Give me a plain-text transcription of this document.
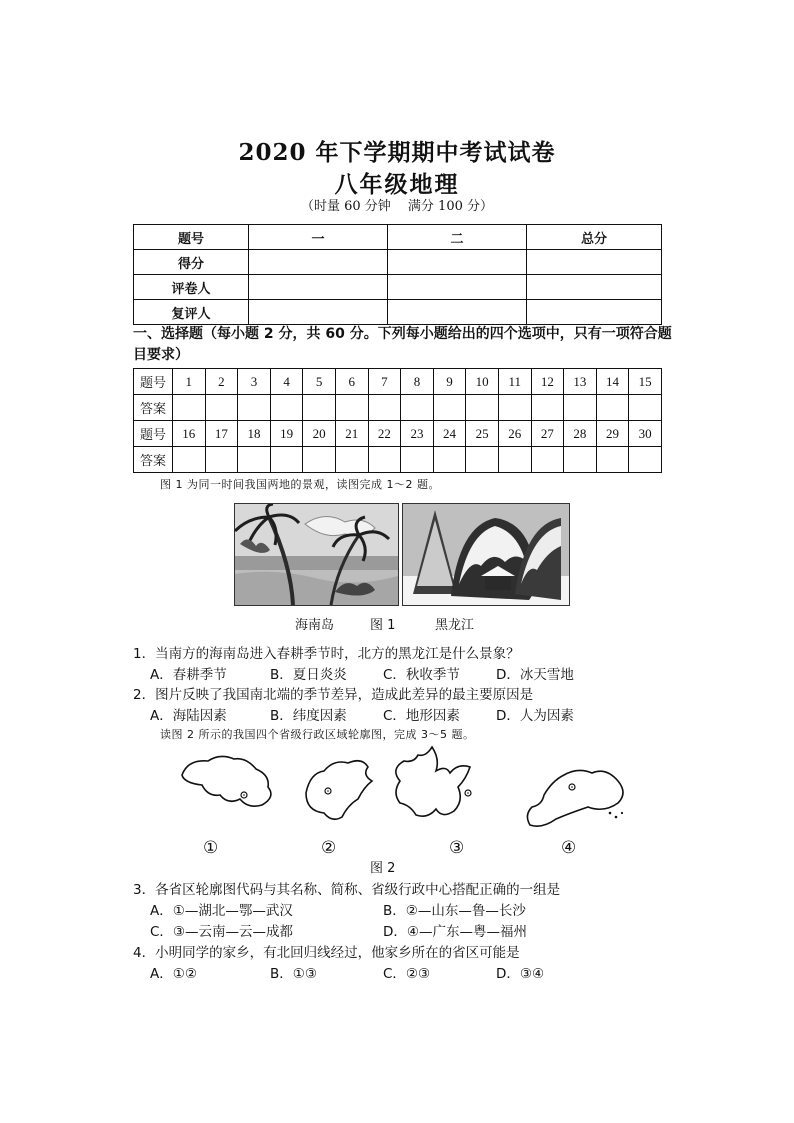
2020 年下学期期中考试试卷
八年级地理
（时量 60 分钟　 满分 100 分）
题号	一	二	总分
得分			
评卷人			
复评人			
一、选择题（每小题 2 分，共 60 分。下列每小题给出的四个选项中，只有一项符合题目要求）
题号	1	2	3	4	5	6	7	8	9	10	11	12	13	14	15
答案															
题号	16	17	18	19	20	21	22	23	24	25	26	27	28	29	30
答案															
图 1 为同一时间我国两地的景观，读图完成 1～2 题。
海南岛	图 1	黑龙江
1．当南方的海南岛进入春耕季节时，北方的黑龙江是什么景象？
A．春耕季节	B．夏日炎炎	C．秋收季节	D．冰天雪地
2．图片反映了我国南北端的季节差异，造成此差异的最主要原因是
A．海陆因素	B．纬度因素	C．地形因素	D．人为因素
读图 2 所示的我国四个省级行政区域轮廓图，完成 3～5 题。
①	②	③	④
图 2
3．各省区轮廓图代码与其名称、简称、省级行政中心搭配正确的一组是
A．①—湖北—鄂—武汉	B．②—山东—鲁—长沙
C．③—云南—云—成都	D．④—广东—粤—福州
4．小明同学的家乡，有北回归线经过，他家乡所在的省区可能是
A．①②	B．①③	C．②③	D．③④
